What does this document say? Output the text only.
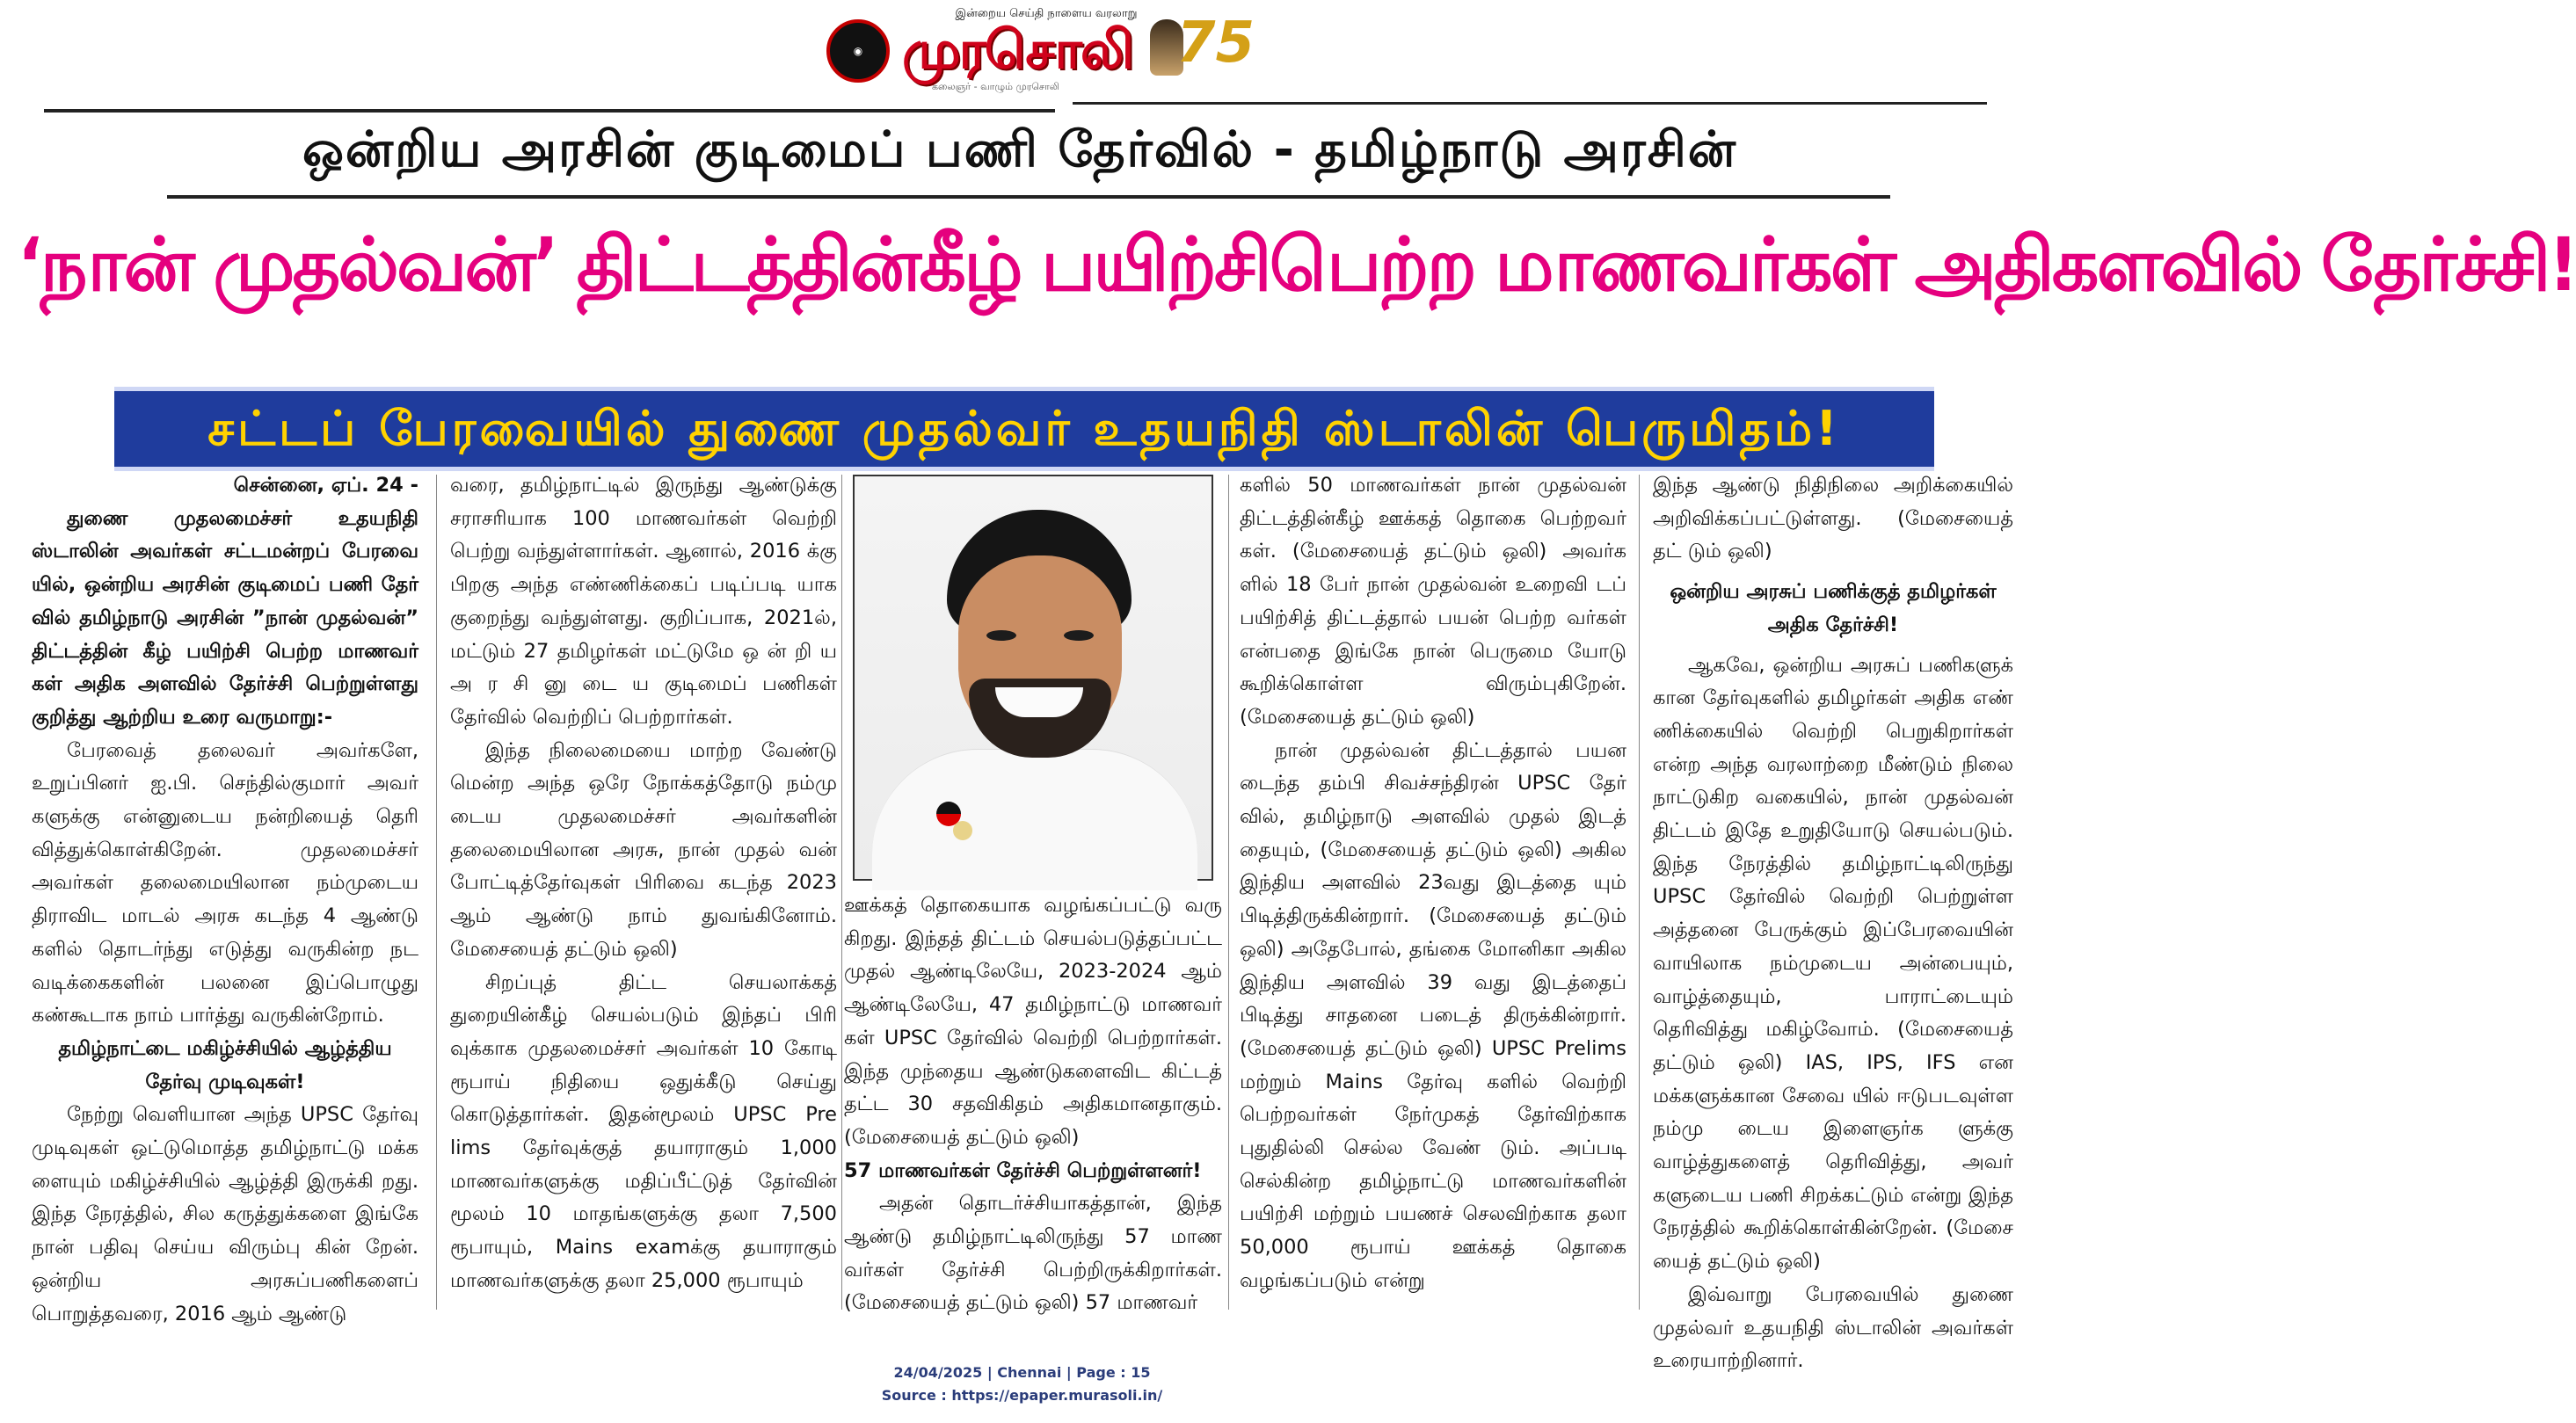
◉
இன்றைய செய்தி நாளைய வரலாறு
முரசொலி
கலைஞர் - வாழும் முரசொலி
75
ஒன்றிய அரசின் குடிமைப் பணி தேர்வில் - தமிழ்நாடு அரசின்
‘நான் முதல்வன்’ திட்டத்தின்கீழ் பயிற்சிபெற்ற மாணவர்கள் அதிகளவில் தேர்ச்சி!
சட்டப் பேரவையில் துணை முதல்வர் உதயநிதி ஸ்டாலின் பெருமிதம்!

சென்னை, ஏப். 24 -

துணை முதலமைச்சர் உதயநிதி ஸ்டாலின் அவர்கள் சட்டமன்றப் பேரவை யில், ஒன்றிய அரசின் குடிமைப் பணி தேர் வில் தமிழ்நாடு அரசின் ”நான் முதல்வன்” திட்டத்தின் கீழ் பயிற்சி பெற்ற மாணவர் கள் அதிக அளவில் தேர்ச்சி பெற்றுள்ளது குறித்து ஆற்றிய உரை வருமாறு:-

பேரவைத் தலைவர் அவர்களே, உறுப்பினர் ஐ.பி. செந்தில்குமார் அவர் களுக்கு என்னுடைய நன்றியைத் தெரி வித்துக்கொள்கிறேன். முதலமைச்சர் அவர்கள் தலைமையிலான நம்முடைய திராவிட மாடல் அரசு கடந்த 4 ஆண்டு களில் தொடர்ந்து எடுத்து வருகின்ற நட வடிக்கைகளின் பலனை இப்பொழுது கண்கூடாக நாம் பார்த்து வருகின்றோம்.

தமிழ்நாட்டை மகிழ்ச்சியில் ஆழ்த்திய தேர்வு முடிவுகள்!

நேற்று வெளியான அந்த UPSC தேர்வு முடிவுகள் ஒட்டுமொத்த தமிழ்நாட்டு மக்க ளையும் மகிழ்ச்சியில் ஆழ்த்தி இருக்கி றது. இந்த நேரத்தில், சில கருத்துக்களை இங்கே நான் பதிவு செய்ய விரும்பு கின் றேன். ஒன்றிய அரசுப்பணிகளைப் பொறுத்தவரை, 2016 ஆம் ஆண்டு

வரை, தமிழ்நாட்டில் இருந்து ஆண்டுக்கு சராசரியாக 100 மாணவர்கள் வெற்றி பெற்று வந்துள்ளார்கள். ஆனால், 2016 க்கு பிறகு அந்த எண்ணிக்கைப் படிப்படி யாக குறைந்து வந்துள்ளது. குறிப்பாக, 2021ல், மட்டும் 27 தமிழர்கள் மட்டுமே ஒ ன் றி ய அ ர சி னு டை ய குடிமைப் பணிகள் தேர்வில் வெற்றிப் பெற்றார்கள்.

இந்த நிலைமையை மாற்ற வேண்டு மென்ற அந்த ஒரே நோக்கத்தோடு நம்மு டைய முதலமைச்சர் அவர்களின் தலைமையிலான அரசு, நான் முதல் வன் போட்டித்தேர்வுகள் பிரிவை கடந்த 2023 ஆம் ஆண்டு நாம் துவங்கினோம். மேசையைத் தட்டும் ஒலி)

சிறப்புத் திட்ட செயலாக்கத் துறையின்கீழ் செயல்படும் இந்தப் பிரி வுக்காக முதலமைச்சர் அவர்கள் 10 கோடி ரூபாய் நிதியை ஒதுக்கீடு செய்து கொடுத்தார்கள். இதன்மூலம் UPSC Pre lims தேர்வுக்குத் தயாராகும் 1,000 மாணவர்களுக்கு மதிப்பீட்டுத் தேர்வின் மூலம் 10 மாதங்களுக்கு தலா 7,500 ரூபாயும், Mains examக்கு தயாராகும் மாணவர்களுக்கு தலா 25,000 ரூபாயும்

ஊக்கத் தொகையாக வழங்கப்பட்டு வரு கிறது. இந்தத் திட்டம் செயல்படுத்தப்பட்ட முதல் ஆண்டிலேயே, 2023-2024 ஆம் ஆண்டிலேயே, 47 தமிழ்நாட்டு மாணவர் கள் UPSC தேர்வில் வெற்றி பெற்றார்கள். இந்த முந்தைய ஆண்டுகளைவிட கிட்டத் தட்ட 30 சதவிகிதம் அதிகமானதாகும். (மேசையைத் தட்டும் ஒலி)

57 மாணவர்கள் தேர்ச்சி பெற்றுள்ளனர்!

அதன் தொடர்ச்சியாகத்தான், இந்த ஆண்டு தமிழ்நாட்டிலிருந்து 57 மாண வர்கள் தேர்ச்சி பெற்றிருக்கிறார்கள். (மேசையைத் தட்டும் ஒலி) 57 மாணவர்

களில் 50 மாணவர்கள் நான் முதல்வன் திட்டத்தின்கீழ் ஊக்கத் தொகை பெற்றவர் கள். (மேசையைத் தட்டும் ஒலி) அவர்க ளில் 18 பேர் நான் முதல்வன் உறைவி டப் பயிற்சித் திட்டத்தால் பயன் பெற்ற வர்கள் என்பதை இங்கே நான் பெருமை யோடு கூறிக்கொள்ள விரும்புகிறேன். (மேசையைத் தட்டும் ஒலி)

நான் முதல்வன் திட்டத்தால் பயன டைந்த தம்பி சிவச்சந்திரன் UPSC தேர் வில், தமிழ்நாடு அளவில் முதல் இடத் தையும், (மேசையைத் தட்டும் ஒலி) அகில இந்திய அளவில் 23வது இடத்தை யும் பிடித்திருக்கின்றார். (மேசையைத் தட்டும் ஒலி) அதேபோல், தங்கை மோனிகா அகில இந்திய அளவில் 39 வது இடத்தைப் பிடித்து சாதனை படைத் திருக்கின்றார். (மேசையைத் தட்டும் ஒலி) UPSC Prelims மற்றும் Mains தேர்வு களில் வெற்றி பெற்றவர்கள் நேர்முகத் தேர்விற்காக புதுதில்லி செல்ல வேண் டும். அப்படி செல்கின்ற தமிழ்நாட்டு மாணவர்களின் பயிற்சி மற்றும் பயணச் செலவிற்காக தலா 50,000 ரூபாய் ஊக்கத் தொகை வழங்கப்படும் என்று

இந்த ஆண்டு நிதிநிலை அறிக்கையில் அறிவிக்கப்பட்டுள்ளது. (மேசையைத் தட் டும் ஒலி)

ஒன்றிய அரசுப் பணிக்குத் தமிழர்கள் அதிக தேர்ச்சி!

ஆகவே, ஒன்றிய அரசுப் பணிகளுக் கான தேர்வுகளில் தமிழர்கள் அதிக எண் ணிக்கையில் வெற்றி பெறுகிறார்கள் என்ற அந்த வரலாற்றை மீண்டும் நிலை நாட்டுகிற வகையில், நான் முதல்வன் திட்டம் இதே உறுதியோடு செயல்படும். இந்த நேரத்தில் தமிழ்நாட்டிலிருந்து UPSC தேர்வில் வெற்றி பெற்றுள்ள அத்தனை பேருக்கும் இப்பேரவையின் வாயிலாக நம்முடைய அன்பையும், வாழ்த்தையும், பாராட்டையும் தெரிவித்து மகிழ்வோம். (மேசையைத் தட்டும் ஒலி) IAS, IPS, IFS என மக்களுக்கான சேவை யில் ஈடுபடவுள்ள நம்மு டைய இளைஞர்க ளுக்கு வாழ்த்துகளைத் தெரிவித்து, அவர் களுடைய பணி சிறக்கட்டும் என்று இந்த நேரத்தில் கூறிக்கொள்கின்றேன். (மேசை யைத் தட்டும் ஒலி)

இவ்வாறு பேரவையில் துணை முதல்வர் உதயநிதி ஸ்டாலின் அவர்கள் உரையாற்றினார்.

24/04/2025 | Chennai | Page : 15
Source : https://epaper.murasoli.in/
